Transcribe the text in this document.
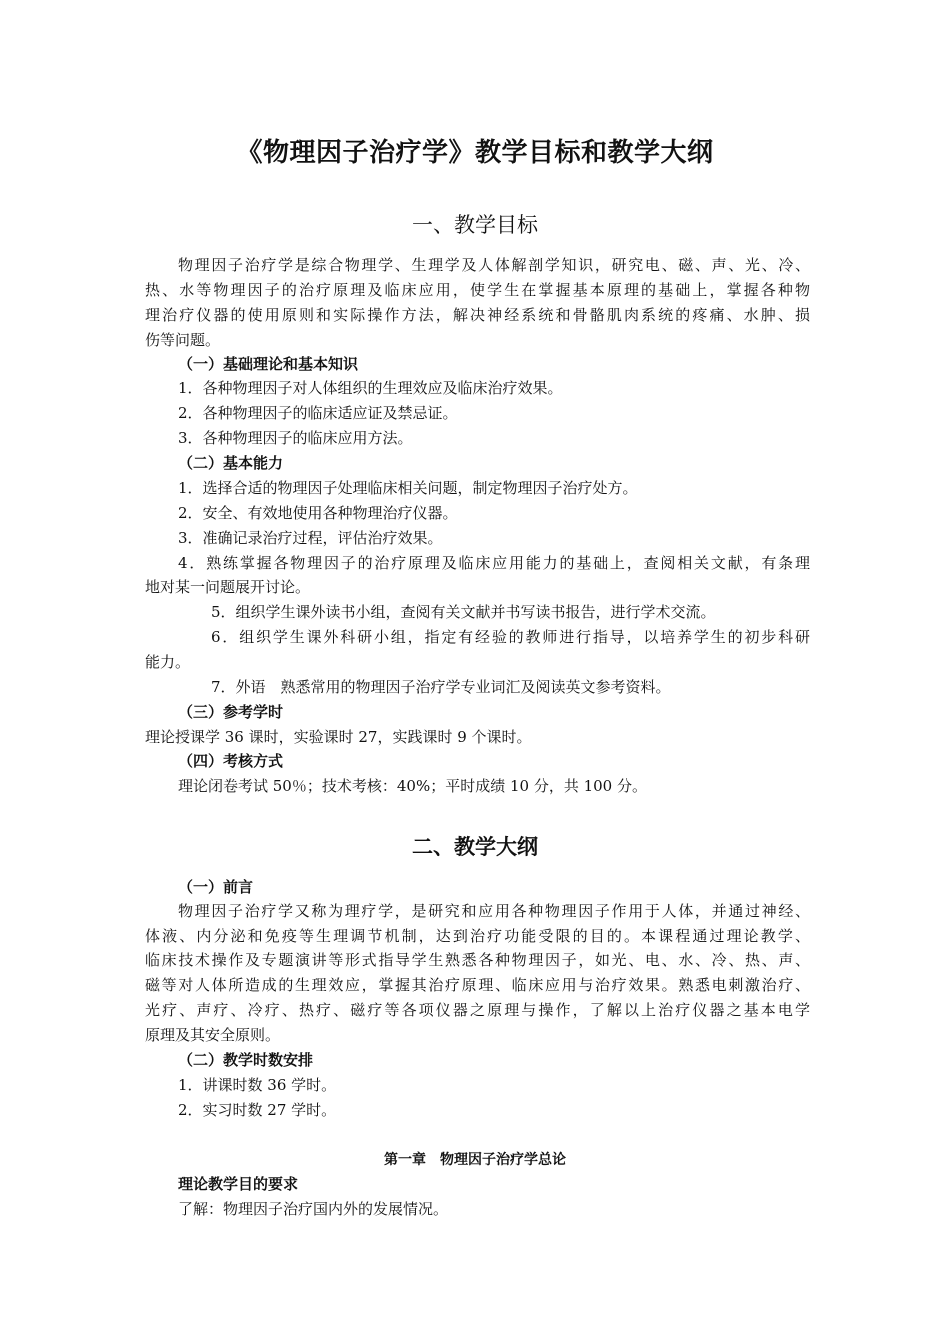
《物理因子治疗学》教学目标和教学大纲
一、教学目标
物理因子治疗学是综合物理学、生理学及人体解剖学知识，研究电、磁、声、光、冷、
热、水等物理因子的治疗原理及临床应用，使学生在掌握基本原理的基础上，掌握各种物
理治疗仪器的使用原则和实际操作方法，解决神经系统和骨骼肌肉系统的疼痛、水肿、损
伤等问题。
（一）基础理论和基本知识
1．各种物理因子对人体组织的生理效应及临床治疗效果。
2．各种物理因子的临床适应证及禁忌证。
3．各种物理因子的临床应用方法。
（二）基本能力
1．选择合适的物理因子处理临床相关问题，制定物理因子治疗处方。
2．安全、有效地使用各种物理治疗仪器。
3．准确记录治疗过程，评估治疗效果。
4．熟练掌握各物理因子的治疗原理及临床应用能力的基础上，查阅相关文献，有条理
地对某一问题展开讨论。
5．组织学生课外读书小组，查阅有关文献并书写读书报告，进行学术交流。
6．组织学生课外科研小组，指定有经验的教师进行指导，以培养学生的初步科研
能力。
7．外语　熟悉常用的物理因子治疗学专业词汇及阅读英文参考资料。
（三）参考学时
理论授课学 36 课时，实验课时 27，实践课时 9 个课时。
（四）考核方式
理论闭卷考试 50％；技术考核：40%；平时成绩 10 分，共 100 分。
二、教学大纲
（一）前言
物理因子治疗学又称为理疗学，是研究和应用各种物理因子作用于人体，并通过神经、
体液、内分泌和免疫等生理调节机制，达到治疗功能受限的目的。本课程通过理论教学、
临床技术操作及专题演讲等形式指导学生熟悉各种物理因子，如光、电、水、冷、热、声、
磁等对人体所造成的生理效应，掌握其治疗原理、临床应用与治疗效果。熟悉电刺激治疗、
光疗、声疗、冷疗、热疗、磁疗等各项仪器之原理与操作，了解以上治疗仪器之基本电学
原理及其安全原则。
（二）教学时数安排
1．讲课时数 36 学时。
2．实习时数 27 学时。
第一章　物理因子治疗学总论
理论教学目的要求
了解：物理因子治疗国内外的发展情况。
